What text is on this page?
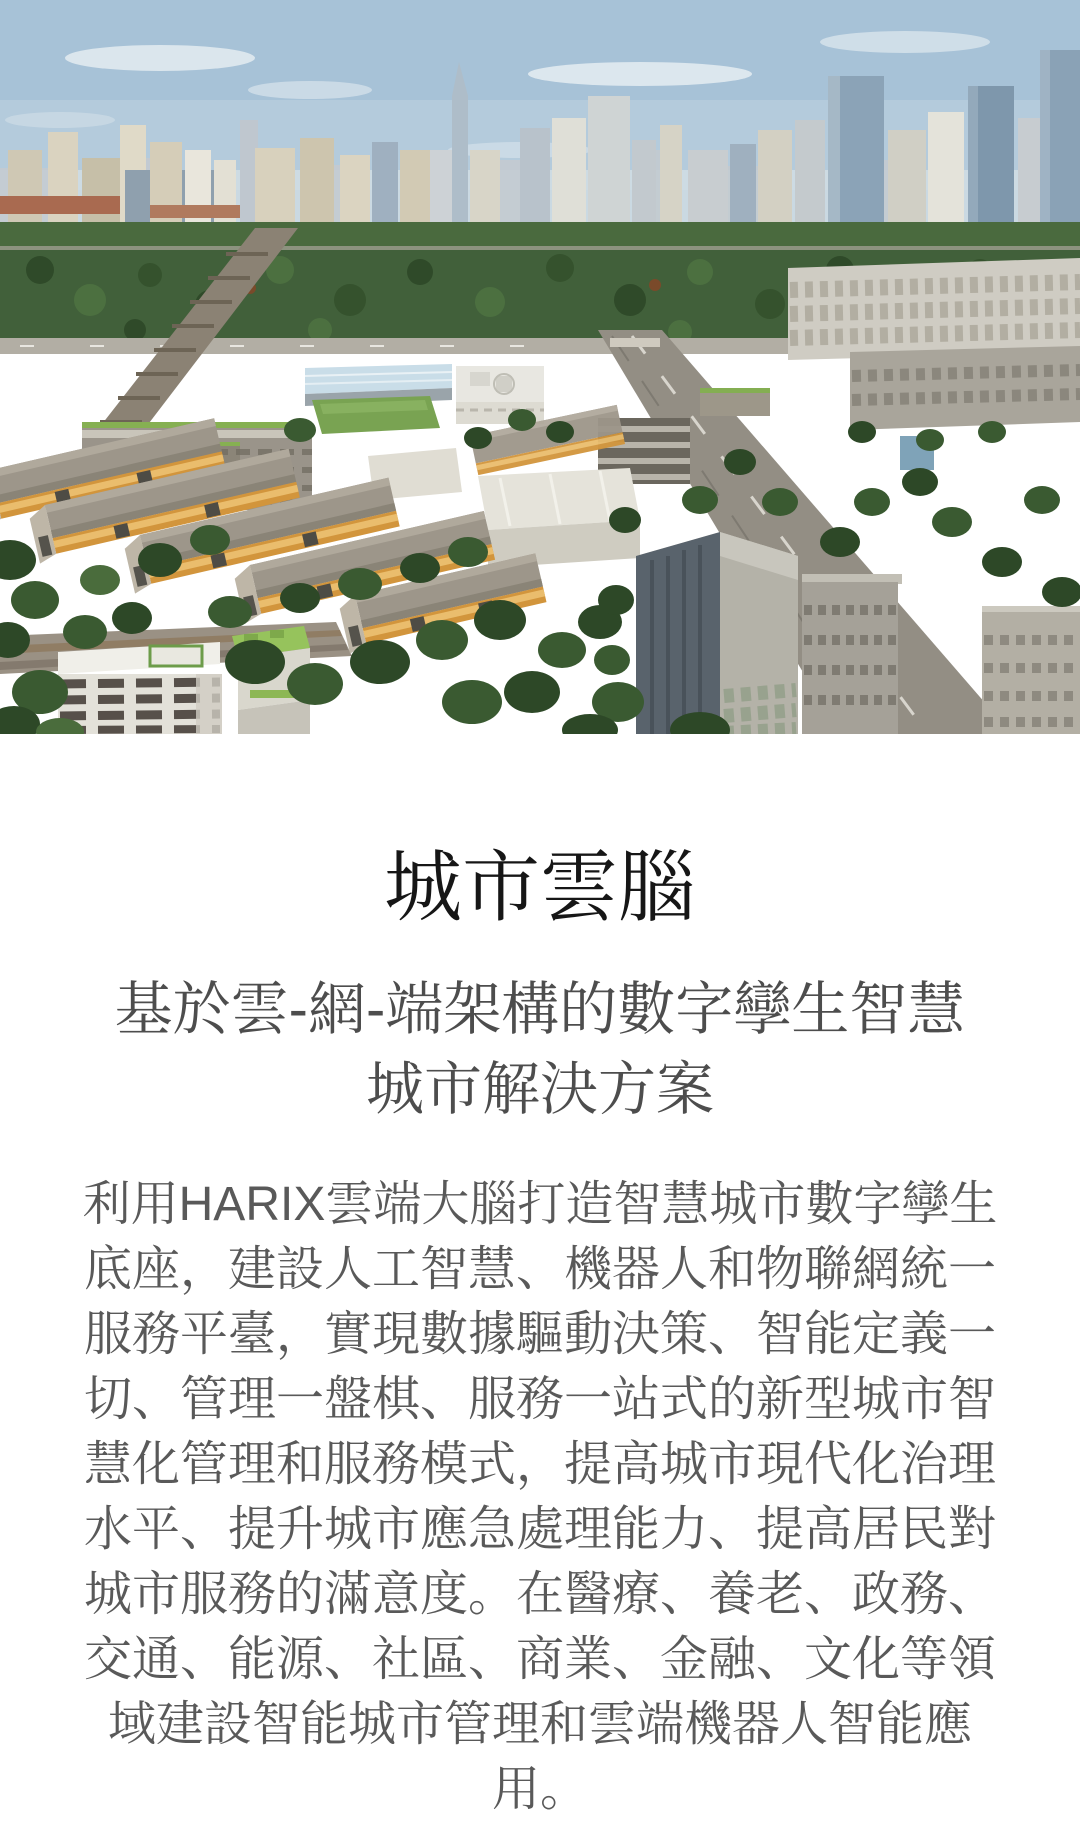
城市雲腦
基於雲-網-端架構的數字孿生智慧
城市解決方案

利用HARIX雲端大腦打造智慧城市數字孿生底座，建設人工智慧、機器人和物聯網統一服務平臺，實現數據驅動決策、智能定義一切、管理一盤棋、服務一站式的新型城市智慧化管理和服務模式，提高城市現代化治理水平、提升城市應急處理能力、提高居民對城市服務的滿意度。在醫療、養老、政務、交通、能源、社區、商業、金融、文化等領域建設智能城市管理和雲端機器人智能應用。
